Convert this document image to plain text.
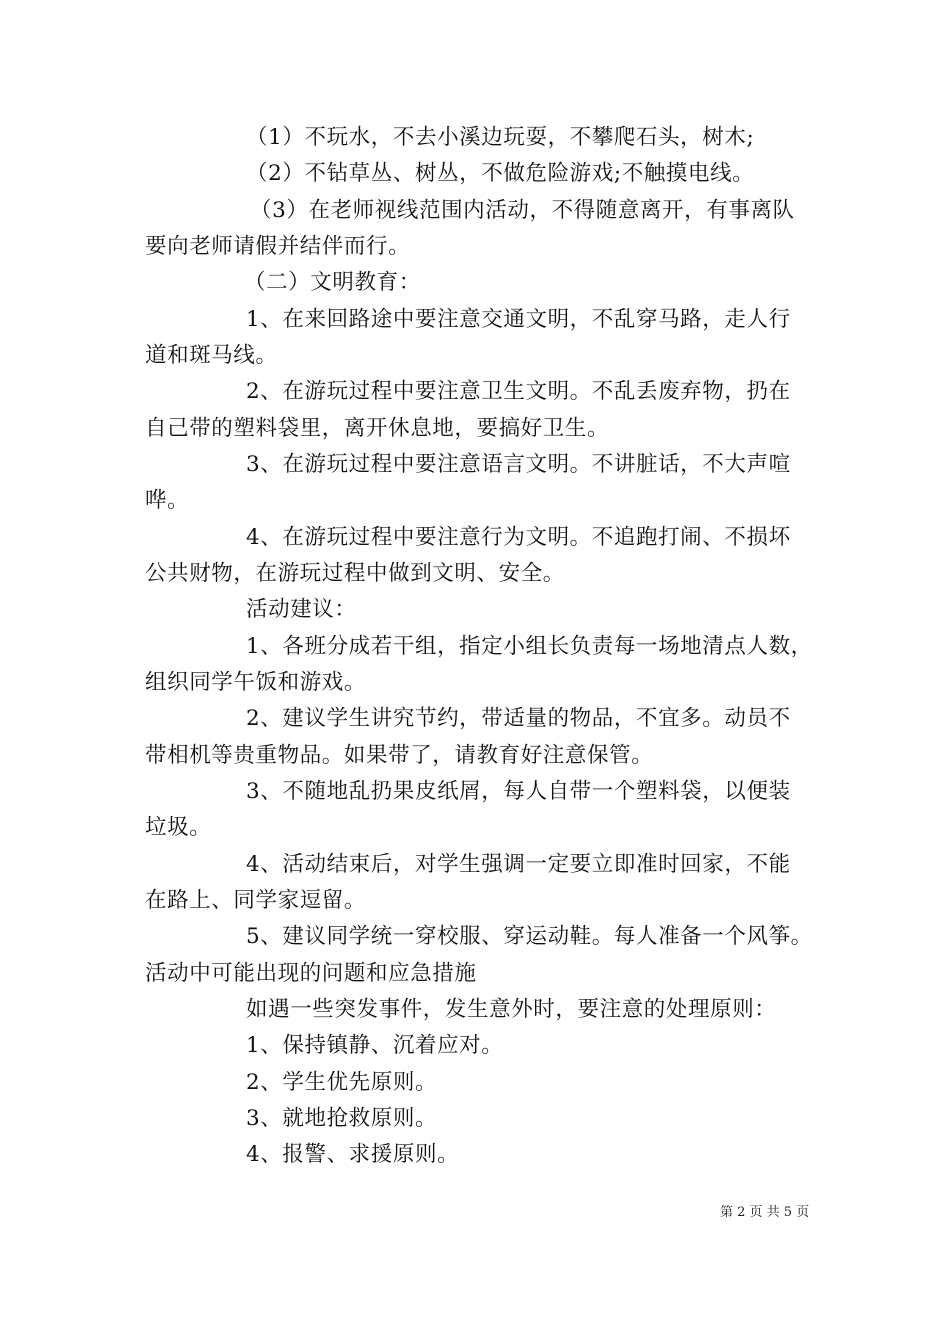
（1）不玩水，不去小溪边玩耍，不攀爬石头，树木;

（2）不钻草丛、树丛，不做危险游戏;不触摸电线。

（3）在老师视线范围内活动，不得随意离开，有事离队

要向老师请假并结伴而行。

（二）文明教育：

1、在来回路途中要注意交通文明，不乱穿马路，走人行

道和斑马线。

2、在游玩过程中要注意卫生文明。不乱丢废弃物，扔在

自己带的塑料袋里，离开休息地，要搞好卫生。

3、在游玩过程中要注意语言文明。不讲脏话，不大声喧

哗。

4、在游玩过程中要注意行为文明。不追跑打闹、不损坏

公共财物，在游玩过程中做到文明、安全。

活动建议：

1、各班分成若干组，指定小组长负责每一场地清点人数，

组织同学午饭和游戏。

2、建议学生讲究节约，带适量的物品，不宜多。动员不

带相机等贵重物品。如果带了，请教育好注意保管。

3、不随地乱扔果皮纸屑，每人自带一个塑料袋，以便装

垃圾。

4、活动结束后，对学生强调一定要立即准时回家，不能

在路上、同学家逗留。

5、建议同学统一穿校服、穿运动鞋。每人准备一个风筝。

活动中可能出现的问题和应急措施

如遇一些突发事件，发生意外时，要注意的处理原则：

1、保持镇静、沉着应对。

2、学生优先原则。

3、就地抢救原则。

4、报警、求援原则。

第 2 页 共 5 页
